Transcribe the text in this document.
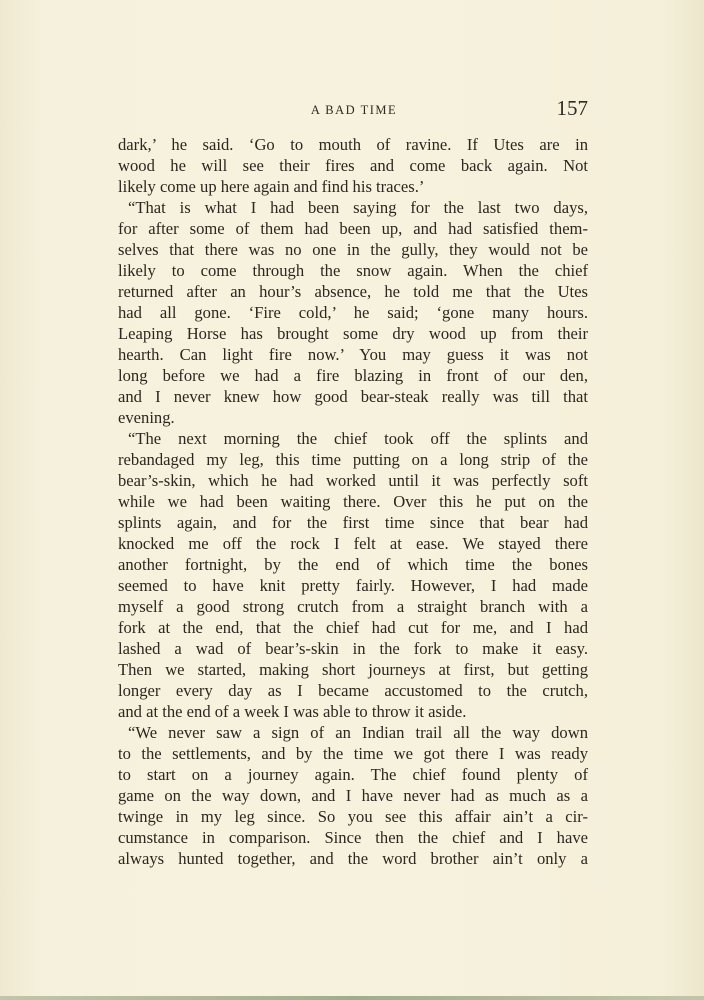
A BAD TIME	157
dark,’ he said. ‘Go to mouth of ravine. If Utes are in
wood he will see their fires and come back again. Not
likely come up here again and find his traces.’
“That is what I had been saying for the last two days,
for after some of them had been up, and had satisfied them-
selves that there was no one in the gully, they would not be
likely to come through the snow again. When the chief
returned after an hour’s absence, he told me that the Utes
had all gone. ‘Fire cold,’ he said; ‘gone many hours.
Leaping Horse has brought some dry wood up from their
hearth. Can light fire now.’ You may guess it was not
long before we had a fire blazing in front of our den,
and I never knew how good bear-steak really was till that
evening.
“The next morning the chief took off the splints and
rebandaged my leg, this time putting on a long strip of the
bear’s-skin, which he had worked until it was perfectly soft
while we had been waiting there. Over this he put on the
splints again, and for the first time since that bear had
knocked me off the rock I felt at ease. We stayed there
another fortnight, by the end of which time the bones
seemed to have knit pretty fairly. However, I had made
myself a good strong crutch from a straight branch with a
fork at the end, that the chief had cut for me, and I had
lashed a wad of bear’s-skin in the fork to make it easy.
Then we started, making short journeys at first, but getting
longer every day as I became accustomed to the crutch,
and at the end of a week I was able to throw it aside.
“We never saw a sign of an Indian trail all the way down
to the settlements, and by the time we got there I was ready
to start on a journey again. The chief found plenty of
game on the way down, and I have never had as much as a
twinge in my leg since. So you see this affair ain’t a cir-
cumstance in comparison. Since then the chief and I have
always hunted together, and the word brother ain’t only a
